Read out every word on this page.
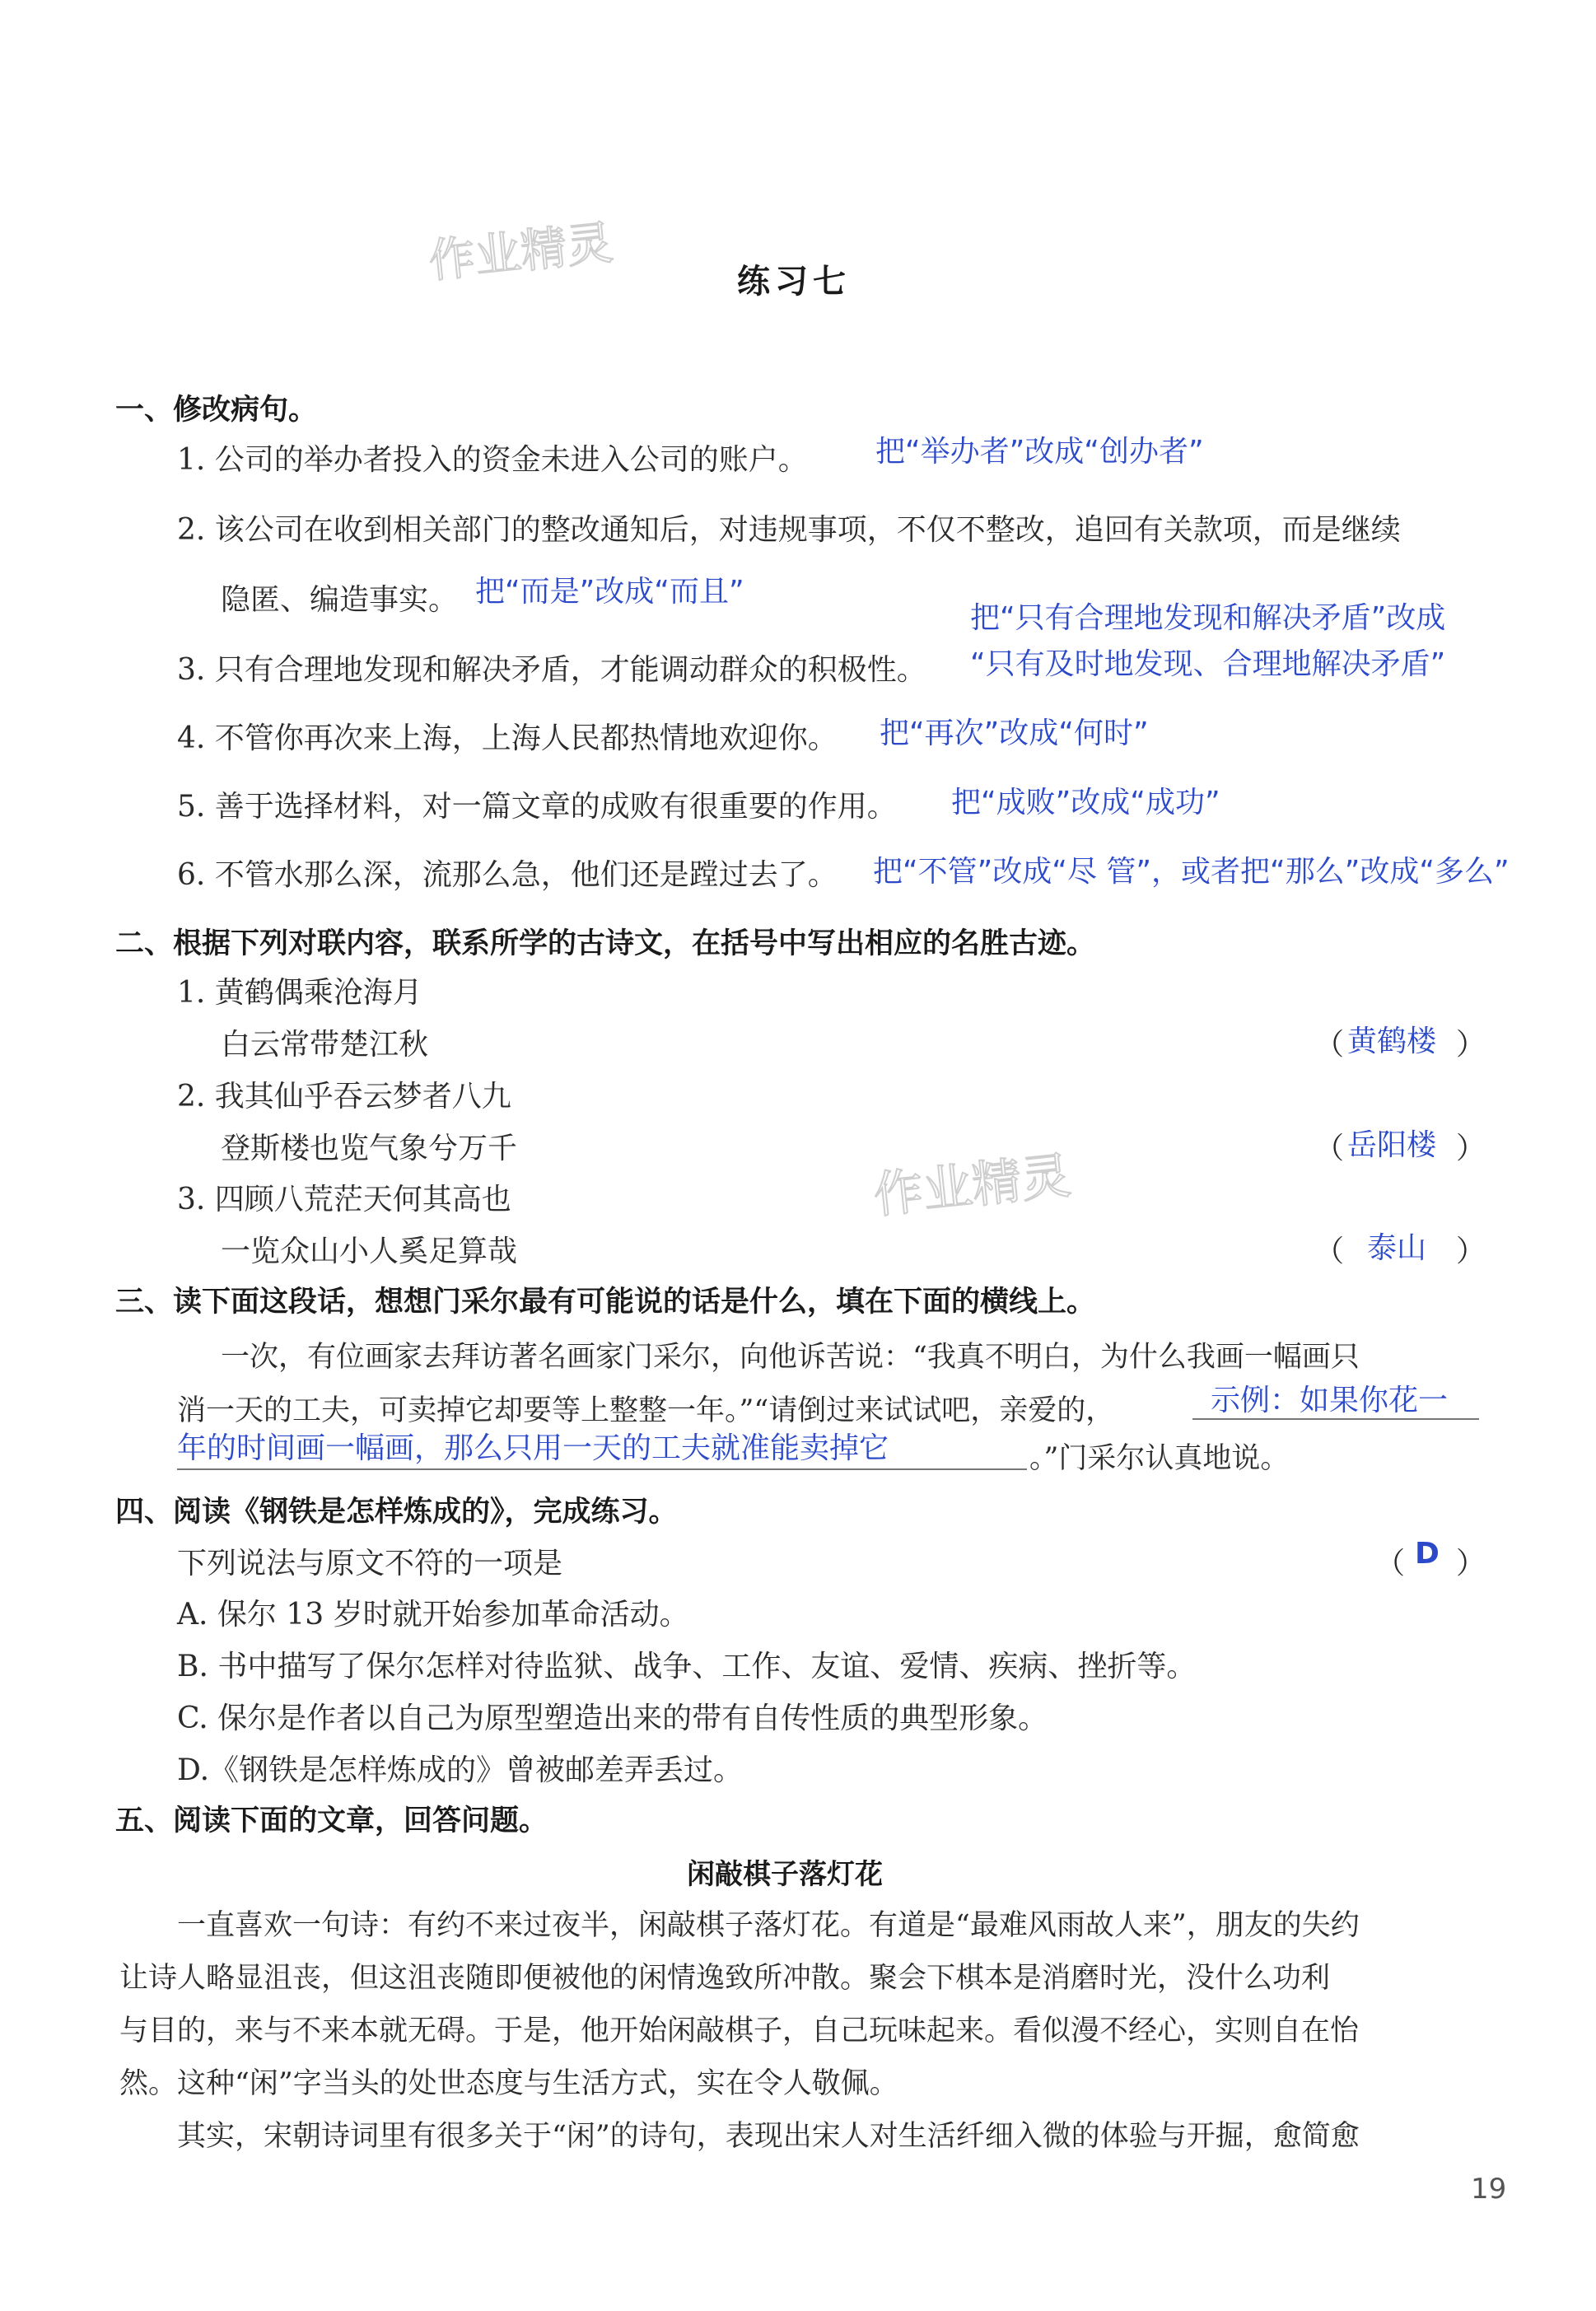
作业精灵
作业精灵
练习七
一、修改病句。
1. 公司的举办者投入的资金未进入公司的账户。 把“举办者”改成“创办者”
2. 该公司在收到相关部门的整改通知后，对违规事项，不仅不整改，追回有关款项，而是继续
隐匿、编造事实。 把“而是”改成“而且”
把“只有合理地发现和解决矛盾”改成
3. 只有合理地发现和解决矛盾，才能调动群众的积极性。 “只有及时地发现、合理地解决矛盾”
4. 不管你再次来上海，上海人民都热情地欢迎你。 把“再次”改成“何时”
5. 善于选择材料，对一篇文章的成败有很重要的作用。 把“成败”改成“成功”
6. 不管水那么深，流那么急，他们还是蹚过去了。 把“不管”改成“尽 管”，或者把“那么”改成“多么”
二、根据下列对联内容，联系所学的古诗文，在括号中写出相应的名胜古迹。
1. 黄鹤偶乘沧海月
白云常带楚江秋	（ 黄鹤楼 ）
2. 我其仙乎吞云梦者八九
登斯楼也览气象兮万千	（ 岳阳楼 ）
3. 四顾八荒茫天何其高也
一览众山小人奚足算哉	（ 泰山 ）
三、读下面这段话，想想门采尔最有可能说的话是什么，填在下面的横线上。
一次，有位画家去拜访著名画家门采尔，向他诉苦说：“我真不明白，为什么我画一幅画只
消一天的工夫，可卖掉它却要等上整整一年。”“请倒过来试试吧，亲爱的，	示例：如果你花一
年的时间画一幅画，那么只用一天的工夫就准能卖掉它	。”门采尔认真地说。
四、阅读《钢铁是怎样炼成的》，完成练习。
下列说法与原文不符的一项是	（ D ）
A. 保尔 13 岁时就开始参加革命活动。
B. 书中描写了保尔怎样对待监狱、战争、工作、友谊、爱情、疾病、挫折等。
C. 保尔是作者以自己为原型塑造出来的带有自传性质的典型形象。
D.《钢铁是怎样炼成的》曾被邮差弄丢过。
五、阅读下面的文章，回答问题。
闲敲棋子落灯花
一直喜欢一句诗：有约不来过夜半，闲敲棋子落灯花。有道是“最难风雨故人来”，朋友的失约
让诗人略显沮丧，但这沮丧随即便被他的闲情逸致所冲散。聚会下棋本是消磨时光，没什么功利
与目的，来与不来本就无碍。于是，他开始闲敲棋子，自己玩味起来。看似漫不经心，实则自在怡
然。这种“闲”字当头的处世态度与生活方式，实在令人敬佩。
其实，宋朝诗词里有很多关于“闲”的诗句，表现出宋人对生活纤细入微的体验与开掘，愈简愈
19
